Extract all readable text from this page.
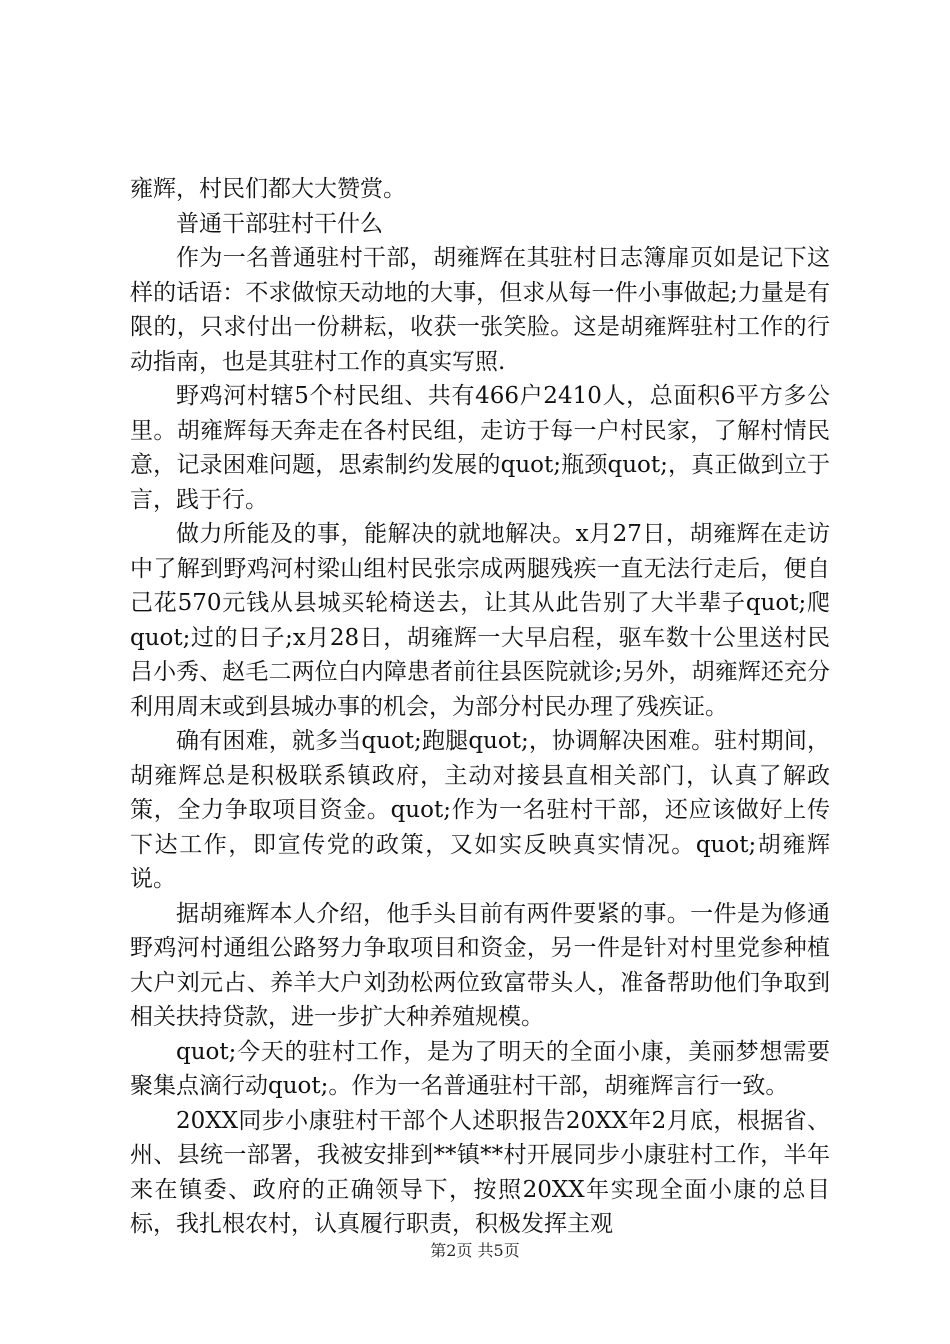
雍辉，村民们都大大赞赏。

普通干部驻村干什么

作为一名普通驻村干部，胡雍辉在其驻村日志簿扉页如是记下这样的话语：不求做惊天动地的大事，但求从每一件小事做起;力量是有限的，只求付出一份耕耘，收获一张笑脸。这是胡雍辉驻村工作的行动指南，也是其驻村工作的真实写照.

野鸡河村辖5个村民组、共有466户2410人，总面积6平方多公里。胡雍辉每天奔走在各村民组，走访于每一户村民家，了解村情民意，记录困难问题，思索制约发展的quot;瓶颈quot;，真正做到立于言，践于行。

做力所能及的事，能解决的就地解决。x月27日，胡雍辉在走访中了解到野鸡河村梁山组村民张宗成两腿残疾一直无法行走后，便自己花570元钱从县城买轮椅送去，让其从此告别了大半辈子quot;爬quot;过的日子;x月28日，胡雍辉一大早启程，驱车数十公里送村民吕小秀、赵毛二两位白内障患者前往县医院就诊;另外，胡雍辉还充分利用周末或到县城办事的机会，为部分村民办理了残疾证。

确有困难，就多当quot;跑腿quot;，协调解决困难。驻村期间，胡雍辉总是积极联系镇政府，主动对接县直相关部门，认真了解政策，全力争取项目资金。quot;作为一名驻村干部，还应该做好上传下达工作，即宣传党的政策，又如实反映真实情况。quot;胡雍辉说。

据胡雍辉本人介绍，他手头目前有两件要紧的事。一件是为修通野鸡河村通组公路努力争取项目和资金，另一件是针对村里党参种植大户刘元占、养羊大户刘劲松两位致富带头人，准备帮助他们争取到相关扶持贷款，进一步扩大种养殖规模。

quot;今天的驻村工作，是为了明天的全面小康，美丽梦想需要聚集点滴行动quot;。作为一名普通驻村干部，胡雍辉言行一致。

20XX同步小康驻村干部个人述职报告20XX年2月底，根据省、州、县统一部署，我被安排到**镇**村开展同步小康驻村工作，半年来在镇委、政府的正确领导下，按照20XX年实现全面小康的总目标，我扎根农村，认真履行职责，积极发挥主观

第2页 共5页
